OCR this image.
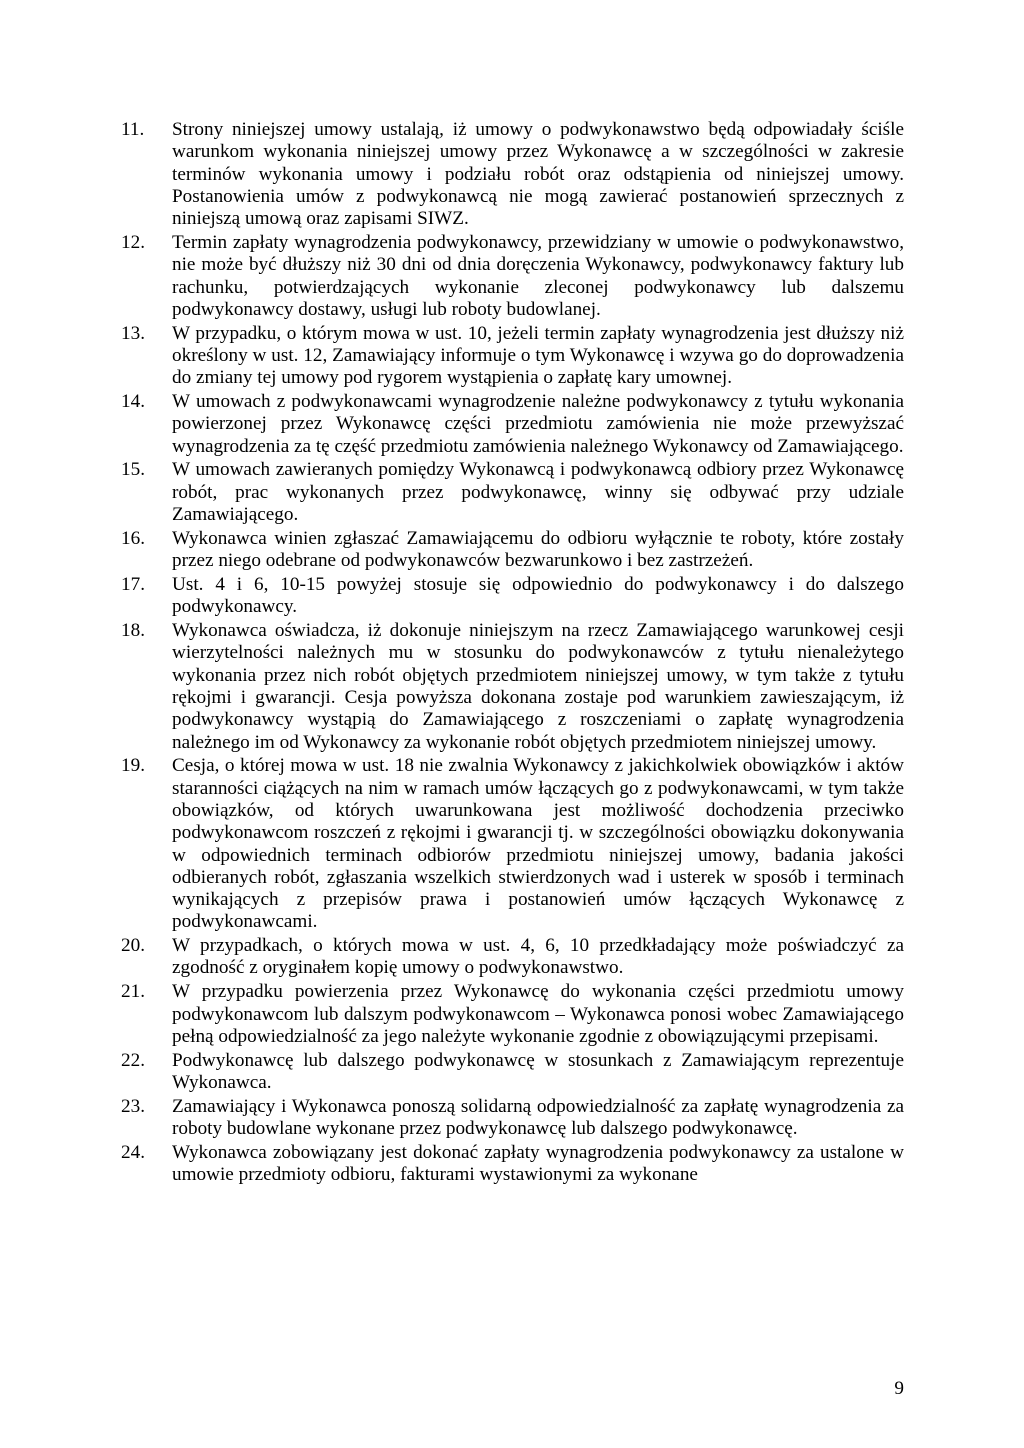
11.	Strony niniejszej umowy ustalają, iż umowy o podwykonawstwo będą odpowiadały ściśle warunkom wykonania niniejszej umowy przez Wykonawcę a w szczególności w zakresie terminów wykonania umowy i podziału robót oraz odstąpienia od niniejszej umowy. Postanowienia umów z podwykonawcą nie mogą zawierać postanowień sprzecznych z niniejszą umową oraz zapisami SIWZ.
12.	Termin zapłaty wynagrodzenia podwykonawcy, przewidziany w umowie o podwykonawstwo, nie może być dłuższy niż 30 dni od dnia doręczenia Wykonawcy, podwykonawcy faktury lub rachunku, potwierdzających wykonanie zleconej podwykonawcy lub dalszemu podwykonawcy dostawy, usługi lub roboty budowlanej.
13.	W przypadku, o którym mowa w ust. 10, jeżeli termin zapłaty wynagrodzenia jest dłuższy niż określony w ust. 12, Zamawiający informuje o tym Wykonawcę i wzywa go do doprowadzenia do zmiany tej umowy pod rygorem wystąpienia o zapłatę kary umownej.
14.	W umowach z podwykonawcami wynagrodzenie należne podwykonawcy z tytułu wykonania powierzonej przez Wykonawcę części przedmiotu zamówienia nie może przewyższać wynagrodzenia za tę część przedmiotu zamówienia należnego Wykonawcy od Zamawiającego.
15.	W umowach zawieranych pomiędzy Wykonawcą i podwykonawcą odbiory przez Wykonawcę robót, prac wykonanych przez podwykonawcę, winny się odbywać przy udziale Zamawiającego.
16.	Wykonawca winien zgłaszać Zamawiającemu do odbioru wyłącznie te roboty, które zostały przez niego odebrane od podwykonawców bezwarunkowo i bez zastrzeżeń.
17.	Ust. 4 i 6, 10-15 powyżej stosuje się odpowiednio do podwykonawcy i do dalszego podwykonawcy.
18.	Wykonawca oświadcza, iż dokonuje niniejszym na rzecz Zamawiającego warunkowej cesji wierzytelności należnych mu w stosunku do podwykonawców z tytułu nienależytego wykonania przez nich robót objętych przedmiotem niniejszej umowy, w tym także z tytułu rękojmi i gwarancji. Cesja powyższa dokonana zostaje pod warunkiem zawieszającym, iż podwykonawcy wystąpią do Zamawiającego z roszczeniami o zapłatę wynagrodzenia należnego im od Wykonawcy za wykonanie robót objętych przedmiotem niniejszej umowy.
19.	Cesja, o której mowa w ust. 18 nie zwalnia Wykonawcy z jakichkolwiek obowiązków i aktów staranności ciążących na nim w ramach umów łączących go z podwykonawcami, w tym także obowiązków, od których uwarunkowana jest możliwość dochodzenia przeciwko podwykonawcom roszczeń z rękojmi i gwarancji tj. w szczególności obowiązku dokonywania w odpowiednich terminach odbiorów przedmiotu niniejszej umowy, badania jakości odbieranych robót, zgłaszania wszelkich stwierdzonych wad i usterek w sposób i terminach wynikających z przepisów prawa i postanowień umów łączących Wykonawcę z podwykonawcami.
20.	W przypadkach, o których mowa w ust. 4, 6, 10 przedkładający może poświadczyć za zgodność z oryginałem kopię umowy o podwykonawstwo.
21.	W przypadku powierzenia przez Wykonawcę do wykonania części przedmiotu umowy podwykonawcom lub dalszym podwykonawcom – Wykonawca ponosi wobec Zamawiającego pełną odpowiedzialność za jego należyte wykonanie zgodnie z obowiązującymi przepisami.
22.	Podwykonawcę lub dalszego podwykonawcę w stosunkach z Zamawiającym reprezentuje Wykonawca.
23.	Zamawiający i Wykonawca ponoszą solidarną odpowiedzialność za zapłatę wynagrodzenia za roboty budowlane wykonane przez podwykonawcę lub dalszego podwykonawcę.
24.	Wykonawca zobowiązany jest dokonać zapłaty wynagrodzenia podwykonawcy za ustalone w umowie przedmioty odbioru, fakturami wystawionymi za wykonane
9
